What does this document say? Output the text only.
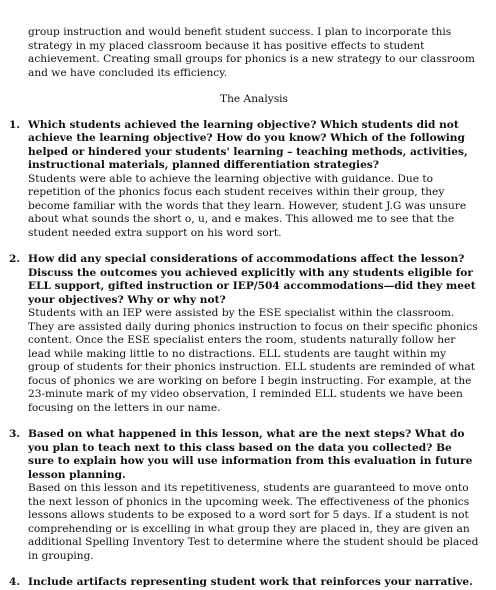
group instruction and would benefit student success. I plan to incorporate this strategy in my placed classroom because it has positive effects to student achievement. Creating small groups for phonics is a new strategy to our classroom and we have concluded its efficiency.

The Analysis

1. Which students achieved the learning objective? Which students did not achieve the learning objective? How do you know? Which of the following helped or hindered your students' learning – teaching methods, activities, instructional materials, planned differentiation strategies?

Students were able to achieve the learning objective with guidance. Due to repetition of the phonics focus each student receives within their group, they become familiar with the words that they learn. However, student J.G was unsure about what sounds the short o, u, and e makes. This allowed me to see that the student needed extra support on his word sort.

2. How did any special considerations of accommodations affect the lesson? Discuss the outcomes you achieved explicitly with any students eligible for ELL support, gifted instruction or IEP/504 accommodations—did they meet your objectives? Why or why not?

Students with an IEP were assisted by the ESE specialist within the classroom. They are assisted daily during phonics instruction to focus on their specific phonics content. Once the ESE specialist enters the room, students naturally follow her lead while making little to no distractions. ELL students are taught within my group of students for their phonics instruction. ELL students are reminded of what focus of phonics we are working on before I begin instructing. For example, at the 23-minute mark of my video observation, I reminded ELL students we have been focusing on the letters in our name.

3. Based on what happened in this lesson, what are the next steps? What do you plan to teach next to this class based on the data you collected? Be sure to explain how you will use information from this evaluation in future lesson planning.

Based on this lesson and its repetitiveness, students are guaranteed to move onto the next lesson of phonics in the upcoming week. The effectiveness of the phonics lessons allows students to be exposed to a word sort for 5 days. If a student is not comprehending or is excelling in what group they are placed in, they are given an additional Spelling Inventory Test to determine where the student should be placed in grouping.

4. Include artifacts representing student work that reinforces your narrative.
